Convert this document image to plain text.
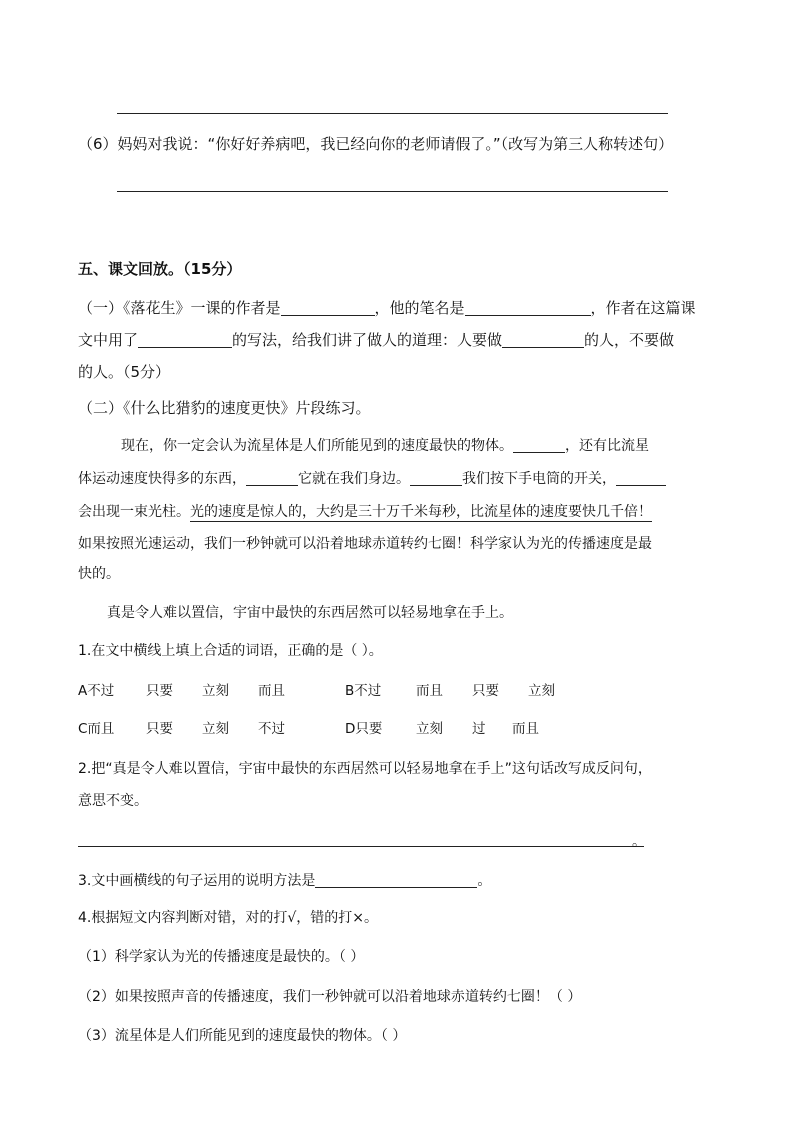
（6）妈妈对我说：“你好好养病吧，我已经向你的老师请假了。”（改写为第三人称转述句）
五、课文回放。（15分）
（一）《落花生》一课的作者是	，他的笔名是	，作者在这篇课
文中用了	的写法，给我们讲了做人的道理：人要做	的人，不要做
的人。（5分）
（二）《什么比猎豹的速度更快》片段练习。
现在，你一定会认为流星体是人们所能见到的速度最快的物体。	，还有比流星
体运动速度快得多的东西，	它就在我们身边。	我们按下手电筒的开关，
会出现一束光柱。光的速度是惊人的，大约是三十万千米每秒，比流星体的速度要快几千倍！
如果按照光速运动，我们一秒钟就可以沿着地球赤道转约七圈！科学家认为光的传播速度是最
快的。
真是令人难以置信，宇宙中最快的东西居然可以轻易地拿在手上。
1.在文中横线上填上合适的词语，正确的是（ ）。
A不过 只要 立刻 而且	B不过	而且 只要 立刻
C而且 只要 立刻 不过	D只要 立刻 过 而且
2.把“真是令人难以置信，宇宙中最快的东西居然可以轻易地拿在手上”这句话改写成反问句，
意思不变。
。
3.文中画横线的句子运用的说明方法是	。
4.根据短文内容判断对错，对的打√，错的打×。
（1）科学家认为光的传播速度是最快的。（ ）
（2）如果按照声音的传播速度，我们一秒钟就可以沿着地球赤道转约七圈！（ ）
（3）流星体是人们所能见到的速度最快的物体。（ ）
